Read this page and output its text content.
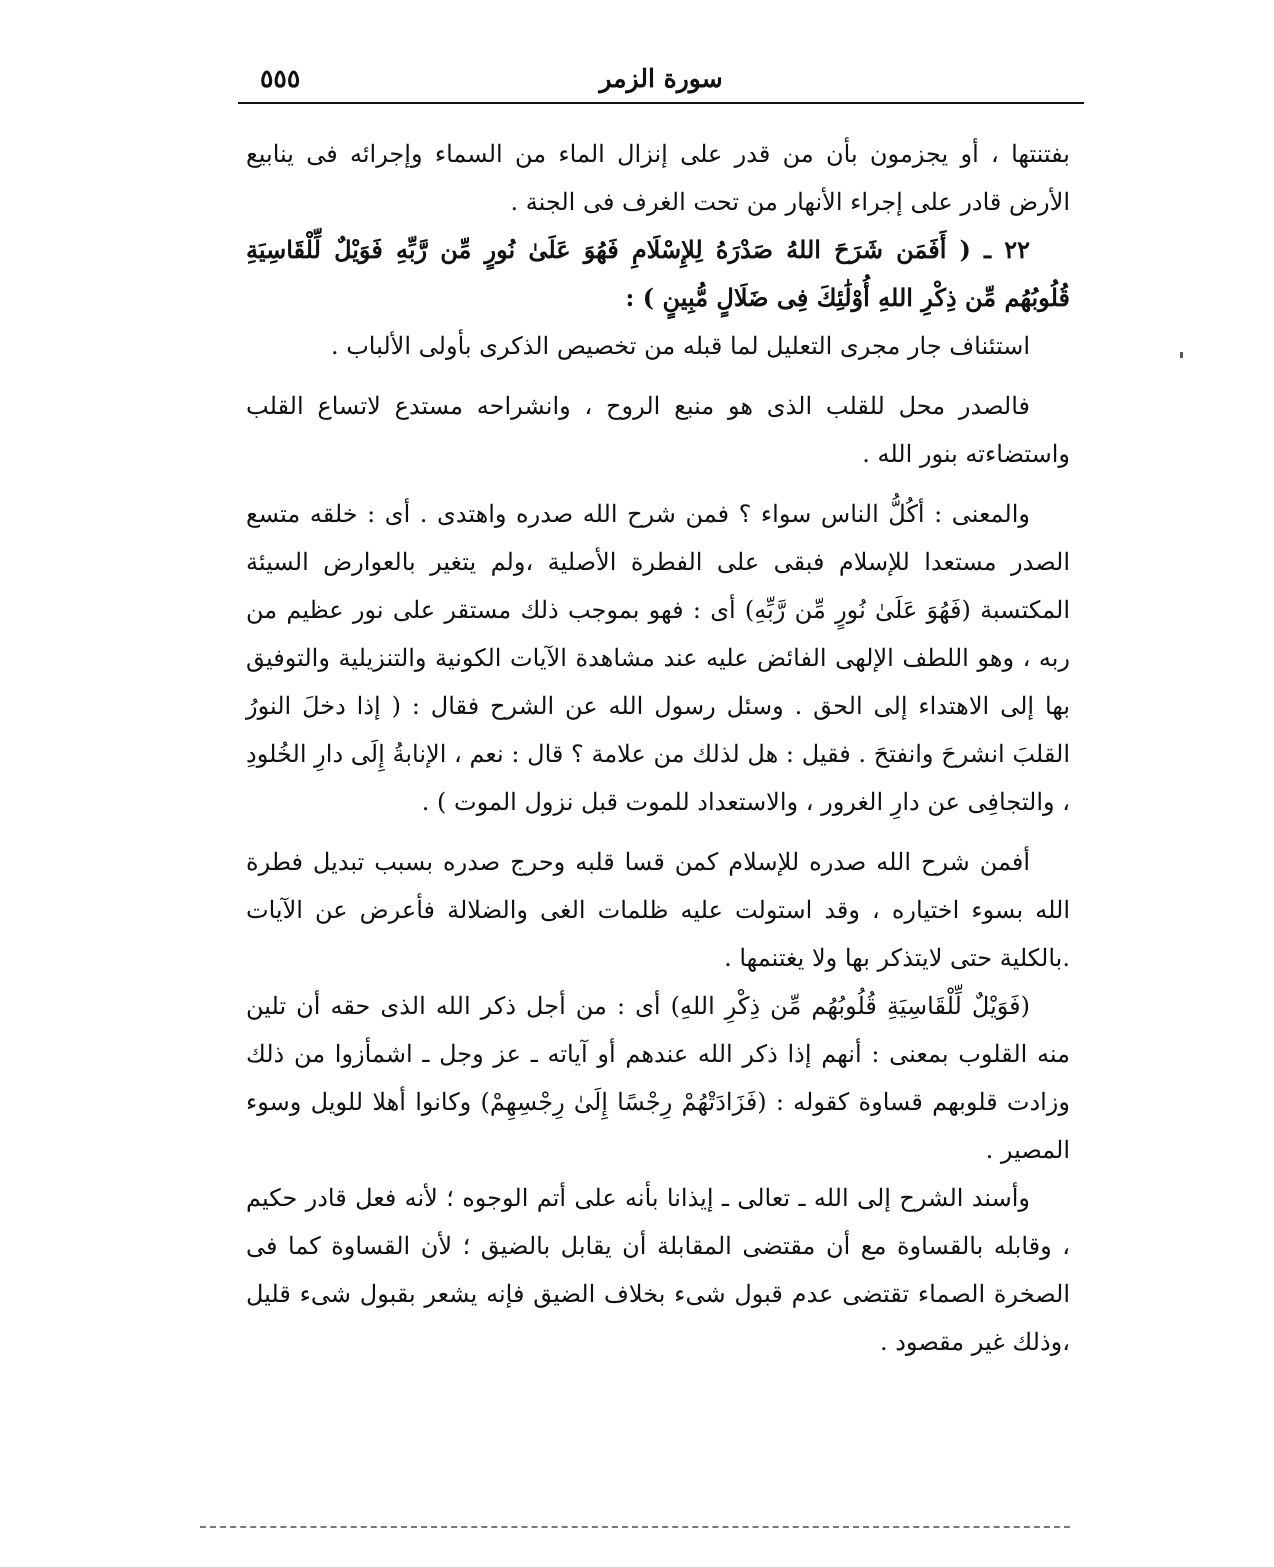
سورة الزمر
٥٥٥

بفتنتها ، أو يجزمون بأن من قدر على إنزال الماء من السماء وإجرائه فى ينابيع الأرض قادر على إجراء الأنهار من تحت الغرف فى الجنة .

٢٢ ـ ( أَفَمَن شَرَحَ اللهُ صَدْرَهُ لِلإِسْلَامِ فَهُوَ عَلَىٰ نُورٍ مِّن رَّبِّهِ فَوَيْلٌ لِّلْقَاسِيَةِ قُلُوبُهُم مِّن ذِكْرِ اللهِ أُوْلَٰئِكَ فِى ضَلَالٍ مُّبِينٍ ) :

استئناف جار مجرى التعليل لما قبله من تخصيص الذكرى بأولى الألباب .

فالصدر محل للقلب الذى هو منبع الروح ، وانشراحه مستدع لاتساع القلب واستضاءته بنور الله .

والمعنى : أكُلُّ الناس سواء ؟ فمن شرح الله صدره واهتدى . أى : خلقه متسع الصدر مستعدا للإسلام فبقى على الفطرة الأصلية ،ولم يتغير بالعوارض السيئة المكتسبة (فَهُوَ عَلَىٰ نُورٍ مِّن رَّبِّهِ) أى : فهو بموجب ذلك مستقر على نور عظيم من ربه ، وهو اللطف الإلهى الفائض عليه عند مشاهدة الآيات الكونية والتنزيلية والتوفيق بها إلى الاهتداء إلى الحق . وسئل رسول الله عن الشرح فقال : ( إذا دخلَ النورُ القلبَ انشرحَ وانفتحَ . فقيل : هل لذلك من علامة ؟ قال : نعم ، الإنابةُ إِلَى دارِ الخُلودِ ، والتجافِى عن دارِ الغرور ، والاستعداد للموت قبل نزول الموت ) .

أفمن شرح الله صدره للإسلام كمن قسا قلبه وحرج صدره بسبب تبديل فطرة الله بسوء اختياره ، وقد استولت عليه ظلمات الغى والضلالة فأعرض عن الآيات .بالكلية حتى لايتذكر بها ولا يغتنمها .

(فَوَيْلٌ لِّلْقَاسِيَةِ قُلُوبُهُم مِّن ذِكْرِ اللهِ) أى : من أجل ذكر الله الذى حقه أن تلين منه القلوب بمعنى : أنهم إذا ذكر الله عندهم أو آياته ـ عز وجل ـ اشمأزوا من ذلك وزادت قلوبهم قساوة كقوله : (فَزَادَتْهُمْ رِجْسًا إِلَىٰ رِجْسِهِمْ) وكانوا أهلا للويل وسوء المصير .

وأسند الشرح إلى الله ـ تعالى ـ إيذانا بأنه على أتم الوجوه ؛ لأنه فعل قادر حكيم ، وقابله بالقساوة مع أن مقتضى المقابلة أن يقابل بالضيق ؛ لأن القساوة كما فى الصخرة الصماء تقتضى عدم قبول شىء بخلاف الضيق فإنه يشعر بقبول شىء قليل ،وذلك غير مقصود .
